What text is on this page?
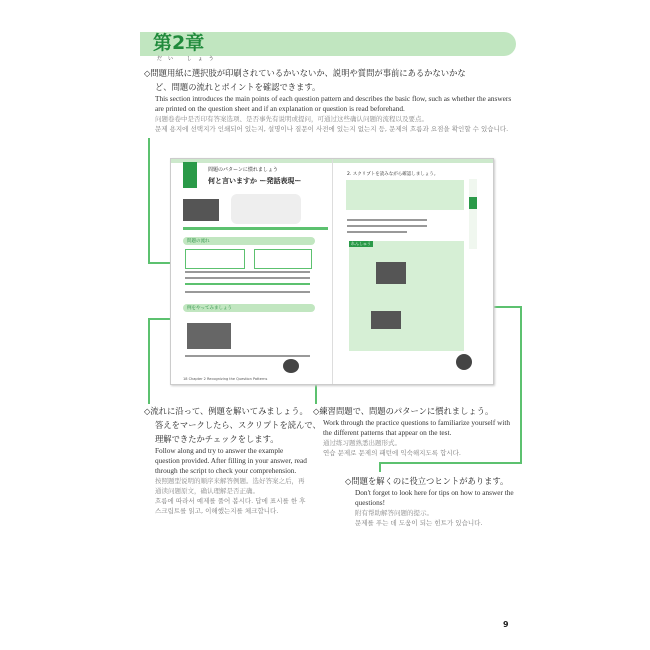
第2章
だい しょう
◇問題用紙に選択肢が印刷されているかいないか、説明や質問が事前にあるかないかな
ど、問題の流れとポイントを確認できます。
This section introduces the main points of each question pattern and describes the basic flow, such as whether the answers are printed on the question sheet and if an explanation or question is read beforehand.
问题卷卷中是否印有答案选项、是否事先有说明或提问，可通过这些确认问题的流程以及要点。
문제 용지에 선택지가 인쇄되어 있는지, 설명이나 질문이 사전에 있는지 없는지 등, 문제의 흐름과 요점을 확인할 수 있습니다.
問題のパターンに慣れましょう
何と言いますか ー発話表現ー
問題の流れ
例をやってみましょう
18 Chapter 2 Recognizing the Question Patterns
2. スクリプトを読みながら確認しましょう。
れんしゅう
◇流れに沿って、例題を解いてみましょう。
答えをマークしたら、スクリプトを読んで、
理解できたかチェックをします。
Follow along and try to answer the example question provided. After filling in your answer, read through the script to check your comprehension.
按照题型说明的顺序来解答例题。选好答案之后，再通读问题原文，确认理解是否正确。
흐름에 따라서 예제를 풀어 봅시다. 답에 표시를 한 후 스크립트를 읽고, 이해했는지를 체크합니다.
◇練習問題で、問題のパターンに慣れましょう。
Work through the practice questions to familiarize yourself with the different patterns that appear on the test.
通过练习题熟悉出题形式。
연습 문제로 문제의 패턴에 익숙해지도록 합시다.
◇問題を解くのに役立つヒントがあります。
Don't forget to look here for tips on how to answer the questions!
附有帮助解答问题的提示。
문제를 푸는 데 도움이 되는 힌트가 있습니다.
9
